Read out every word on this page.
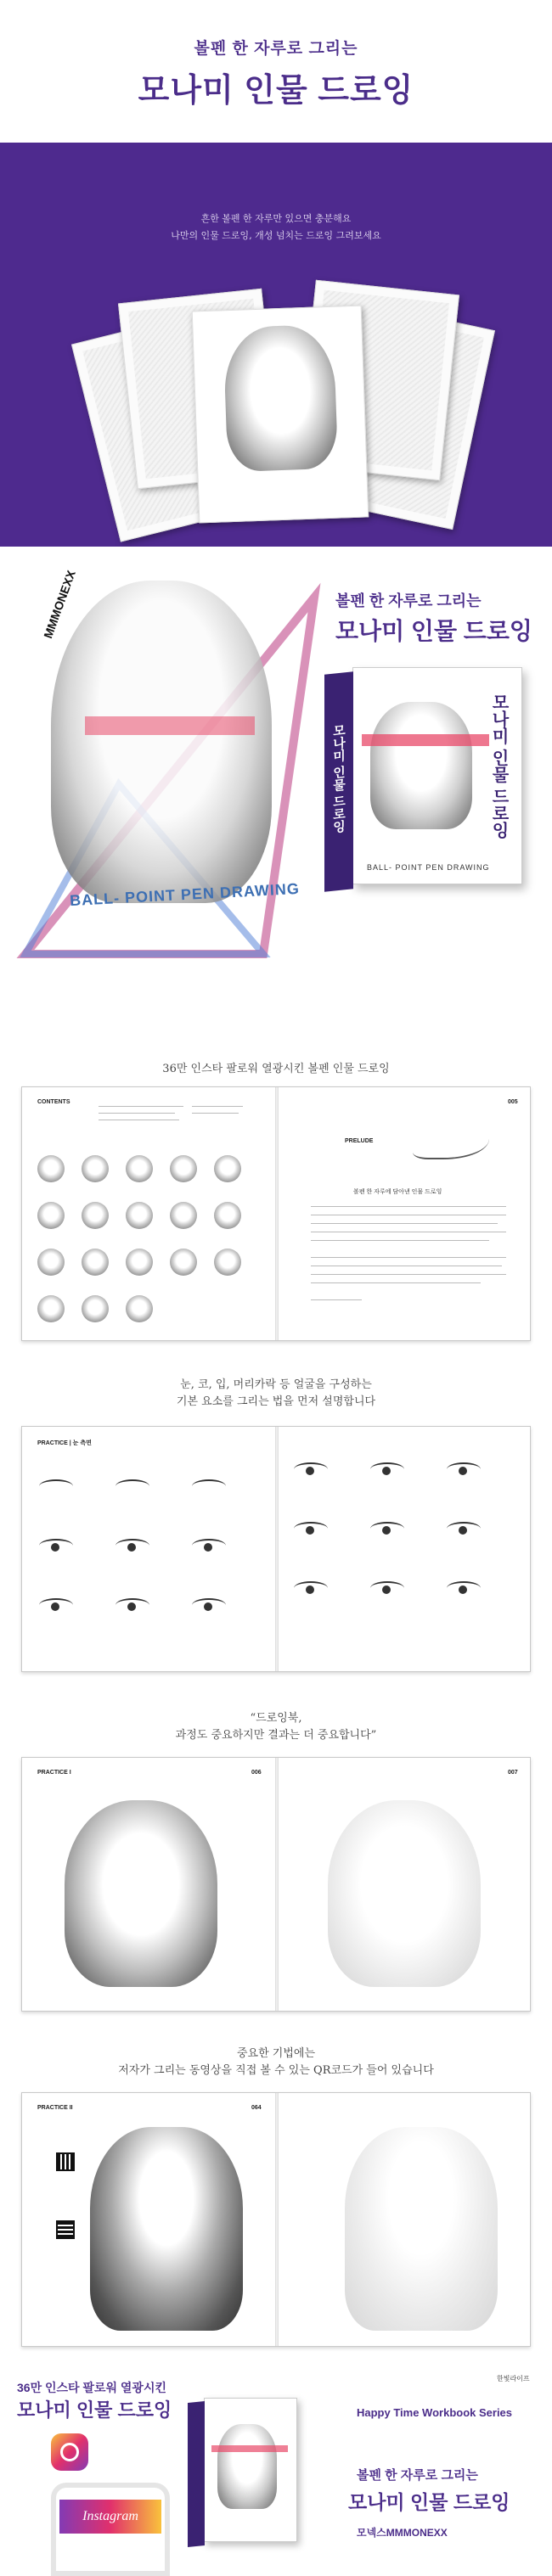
볼펜 한 자루로 그리는
모나미 인물 드로잉
흔한 볼펜 한 자루만 있으면 충분해요
나만의 인물 드로잉, 개성 넘치는 드로잉 그려보세요
MMMONEXX
BALL- POINT PEN DRAWING
볼펜 한 자루로 그리는
모나미 인물 드로잉
모나미 인물 드로잉	모나미 인물 드로잉
BALL- POINT PEN DRAWING
36만 인스타 팔로워 열광시킨 볼펜 인물 드로잉
CONTENTS
PRELUDE
005
볼펜 한 자루에 담아낸 인물 드로잉
눈, 코, 입, 머리카락 등 얼굴을 구성하는
기본 요소를 그리는 법을 먼저 설명합니다
PRACTICE | 눈 측면
“드로잉북,
과정도 중요하지만 결과는 더 중요합니다”
PRACTICE I	006	007
중요한 기법에는
저자가 그리는 동영상을 직접 볼 수 있는 QR코드가 들어 있습니다
PRACTICE II	064
36만 인스타 팔로워 열광시킨
모나미 인물 드로잉
Instagram
한빛라이프
Happy Time Workbook Series
볼펜 한 자루로 그리는
모나미 인물 드로잉
모넥스MMMONEXX
